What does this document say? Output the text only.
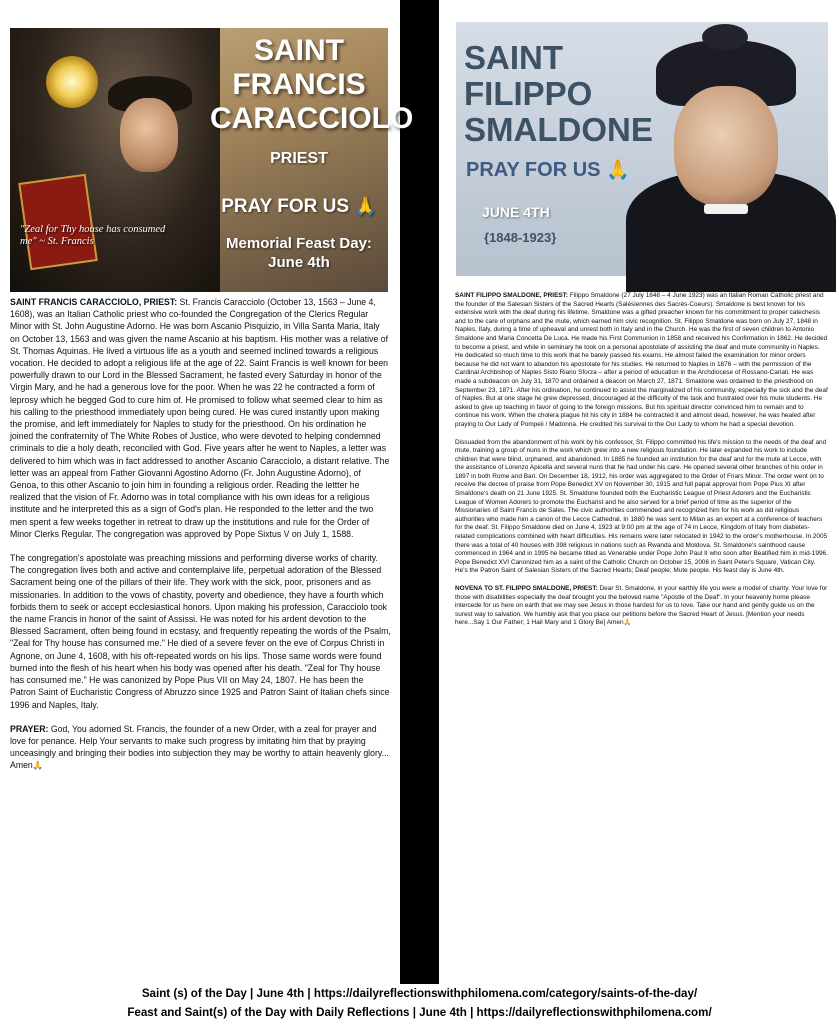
"Zeal for Thy house has consumed me" ~ St. Francis
SAINT FRANCIS CARACCIOLO
PRIEST
PRAY FOR US 🙏
Memorial Feast Day: June 4th

SAINT FRANCIS CARACCIOLO, PRIEST: St. Francis Caracciolo (October 13, 1563 – June 4, 1608), was an Italian Catholic priest who co-founded the Congregation of the Clerics Regular Minor with St. John Augustine Adorno. He was born Ascanio Pisquizio, in Villa Santa Maria, Italy on October 13, 1563 and was given the name Ascanio at his baptism. His mother was a relative of St. Thomas Aquinas. He lived a virtuous life as a youth and seemed inclined towards a religious vocation. He decided to adopt a religious life at the age of 22. Saint Francis is well known for been powerfully drawn to our Lord in the Blessed Sacrament, he fasted every Saturday in honor of the Virgin Mary, and he had a generous love for the poor. When he was 22 he contracted a form of leprosy which he begged God to cure him of. He promised to follow what seemed clear to him as his calling to the priesthood immediately upon being cured. He was cured instantly upon making the promise, and left immediately for Naples to study for the priesthood. On his ordination he joined the confraternity of The White Robes of Justice, who were devoted to helping condemned criminals to die a holy death, reconciled with God. Five years after he went to Naples, a letter was delivered to him which was in fact addressed to another Ascanio Caracciolo, a distant relative. The letter was an appeal from Father Giovanni Agostino Adorno (Fr. John Augustine Adorno), of Genoa, to this other Ascanio to join him in founding a religious order. Reading the lettter he realized that the vision of Fr. Adorno was in total compliance with his own ideas for a religious institute and he interpreted this as a sign of God's plan. He responded to the letter and the two men spent a few weeks together in retreat to draw up the institutions and rule for the Order of Minor Clerks Regular. The congregation was approved by Pope Sixtus V on July 1, 1588.

The congregation's apostolate was preaching missions and performing diverse works of charity. The congregation lives both and active and contemplaive life, perpetual adoration of the Blessed Sacrament being one of the pillars of their life. They work with the sick, poor, prisoners and as missionaries. In addition to the vows of chastity, poverty and obedience, they have a fourth which forbids them to seek or accept ecclesiastical honors. Upon making his profession, Caracciolo took the name Francis in honor of the saint of Assissi. He was noted for his ardent devotion to the Blessed Sacrament, often being found in ecstasy, and frequently repeating the words of the Psalm, "Zeal for Thy house has consumed me." He died of a severe fever on the eve of Corpus Christi in Agnone, on June 4, 1608, with his oft-repeated words on his lips. Those same words were found burned into the flesh of his heart when his body was opened after his death. "Zeal for Thy house has consumed me." He was canonized by Pope Pius VII on May 24, 1807. He has been the Patron Saint of Eucharistic Congress of Abruzzo since 1925 and Patron Saint of Italian chefs since 1996 and Naples, Italy.

PRAYER: God, You adorned St. Francis, the founder of a new Order, with a zeal for prayer and love for penance. Help Your servants to make such progress by imitating him that by praying unceasingly and bringing their bodies into subjection they may be worthy to attain heavenly glory... Amen🙏

SAINT FILIPPO SMALDONE
PRAY FOR US 🙏
JUNE 4TH
{1848-1923}

SAINT FILIPPO SMALDONE, PRIEST: Filippo Smaldone (27 July 1848 – 4 June 1923) was an Italian Roman Catholic priest and the founder of the Salesian Sisters of the Sacred Hearts (Salésiennes des Sacrés-Coeurs). Smaldone is best known for his extensive work with the deaf during his lifetime. Smaldone was a gifted preacher known for his commitment to proper catechesis and to the care of orphans and the mute, which earned him civic recognition. St. Filippo Smaldone was born on July 27, 1848 in Naples, Italy, during a time of upheaval and unrest both in Italy and in the Church. He was the first of seven children to Antonio Smaldone and Maria Concetta De Luca. He made his First Communion in 1858 and received his Confirmation in 1862. He decided to become a priest, and while in seminary he took on a personal apostolate of assisting the deaf and mute community in Naples. He dedicated so much time to this work that he barely passed his exams. He almost failed the examination for minor orders because he did not want to abandon his apostolate for his studies. He returned to Naples in 1876 – with the permission of the Cardinal Archbishop of Naples Sisto Riario Sforza – after a period of education in the Archdiocese of Rossano-Cariati. He was made a subdeacon on July 31, 1870 and ordained a deacon on March 27, 1871. Smaldone was ordained to the priesthood on September 23, 1871. After his ordination, he continued to assist the marginalized of his community, especially the sick and the deaf of Naples. But at one stage he grew depressed, discouraged at the difficulty of the task and frustrated over his mute students. He asked to give up teaching in favor of going to the foreign missions. But his spiritual director convinced him to remain and to continue his work. When the cholera plague hit his city in 1884 he contracted it and almost dead, however, he was healed after praying to Our Lady of Pompeii / Madonna. He credited his survival to the Our Lady to whom he had a special devotion.

Dissuaded from the abandonment of his work by his confessor, St. Filippo committed his life's mission to the needs of the deaf and mute, training a group of nuns in the work which grew into a new religious foundation. He later expanded his work to include children that were blind, orphaned, and abandoned. In 1885 he founded an institution for the deaf and for the mute at Lecce, with the assistance of Lorenzo Apicella and several nuns that he had under his care. He opened several other branches of his order in 1897 in both Rome and Bari. On December 18, 1912, his order was aggregated to the Order of Friars Minor. The order went on to receive the decree of praise from Pope Benedict XV on November 30, 1915 and full papal approval from Pope Pius XI after Smaldone's death on 21 June 1925. St. Smaldone founded both the Eucharistic League of Priest Adorers and the Eucharistic League of Women Adorers to promote the Eucharist and he also served for a brief period of time as the superior of the Missionaries of Saint Francis de Sales. The civic authorities commended and recognized him for his work as did religious authorities who made him a canon of the Lecce Cathedral. In 1880 he was sent to Milan as an expert at a conference of teachers for the deaf. St. Filippo Smaldone died on June 4, 1923 at 9:00 pm at the age of 74 in Lecce, Kingdom of Italy from diabetes-related complications combined with heart difficulties. His remains were later relocated in 1942 to the order's motherhouse. In 2005 there was a total of 40 houses with 398 religious in nations such as Rwanda and Moldova. St. Smaldone's sainthood cause commenced in 1964 and in 1995 he became titled as Venerable under Pope John Paul II who soon after Beatified him in mid-1996. Pope Benedict XVI Canonized him as a saint of the Catholic Church on October 15, 2006 in Saint Peter's Square, Vatican City. He's the Patron Saint of Salesian Sisters of the Sacred Hearts; Deaf people; Mute people. His feast day is June 4th.

NOVENA TO ST. FILIPPO SMALDONE, PRIEST: Dear St. Smaldone, in your earthly life you were a model of charity. Your love for those with disabilities especially the deaf brought you the beloved name "Apostle of the Deaf". In your heavenly home please intercede for us here on earth that we may see Jesus in those hardest for us to love. Take our hand and gently guide us on the surest way to salvation. We humbly ask that you place our petitions before the Sacred Heart of Jesus. [Mention your needs here...Say 1 Our Father; 1 Hail Mary and 1 Glory Be] Amen🙏

Saint (s) of the Day | June 4th | https://dailyreflectionswithphilomena.com/category/saints-of-the-day/
Feast and Saint(s) of the Day with Daily Reflections | June 4th | https://dailyreflectionswithphilomena.com/
